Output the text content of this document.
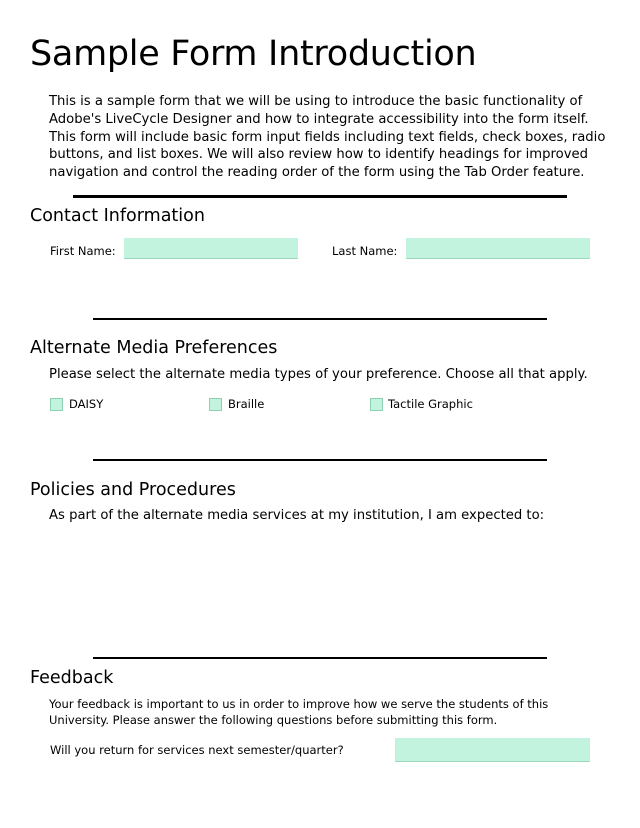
Sample Form Introduction

This is a sample form that we will be using to introduce the basic functionality of Adobe's LiveCycle Designer and how to integrate accessibility into the form itself. This form will include basic form input fields including text fields, check boxes, radio buttons, and list boxes. We will also review how to identify headings for improved navigation and control the reading order of the form using the Tab Order feature.

Contact Information
First Name:	Last Name:
Alternate Media Preferences
Please select the alternate media types of your preference. Choose all that apply.
DAISY	Braille	Tactile Graphic
Policies and Procedures
As part of the alternate media services at my institution, I am expected to:
Feedback

Your feedback is important to us in order to improve how we serve the students of this University. Please answer the following questions before submitting this form.

Will you return for services next semester/quarter?
